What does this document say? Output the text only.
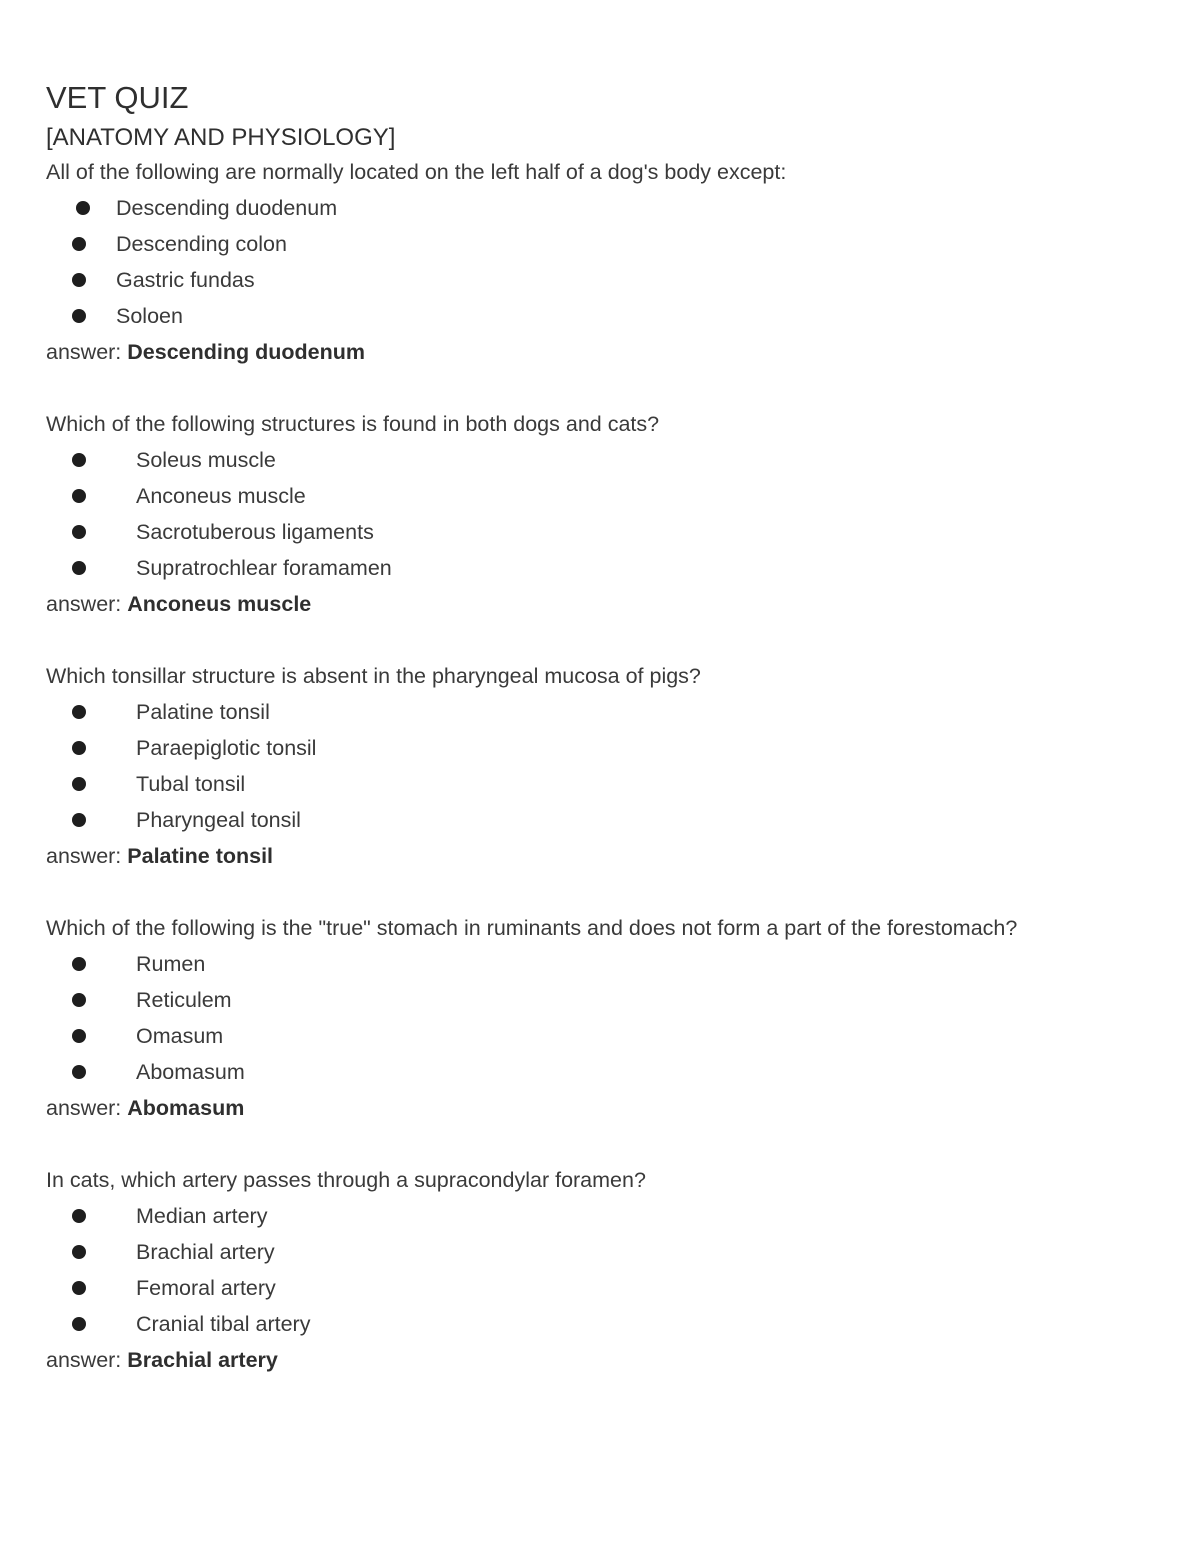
VET QUIZ
[ANATOMY AND PHYSIOLOGY]

All of the following are normally located on the left half of a dog's body except:

Descending duodenum
Descending colon
Gastric fundas
Soloen

answer: Descending duodenum

Which of the following structures is found in both dogs and cats?

Soleus muscle
Anconeus muscle
Sacrotuberous ligaments
Supratrochlear foramamen

answer: Anconeus muscle

Which tonsillar structure is absent in the pharyngeal mucosa of pigs?

Palatine tonsil
Paraepiglotic tonsil
Tubal tonsil
Pharyngeal tonsil

answer: Palatine tonsil

Which of the following is the "true" stomach in ruminants and does not form a part of the forestomach?

Rumen
Reticulem
Omasum
Abomasum

answer: Abomasum

In cats, which artery passes through a supracondylar foramen?

Median artery
Brachial artery
Femoral artery
Cranial tibal artery

answer: Brachial artery
